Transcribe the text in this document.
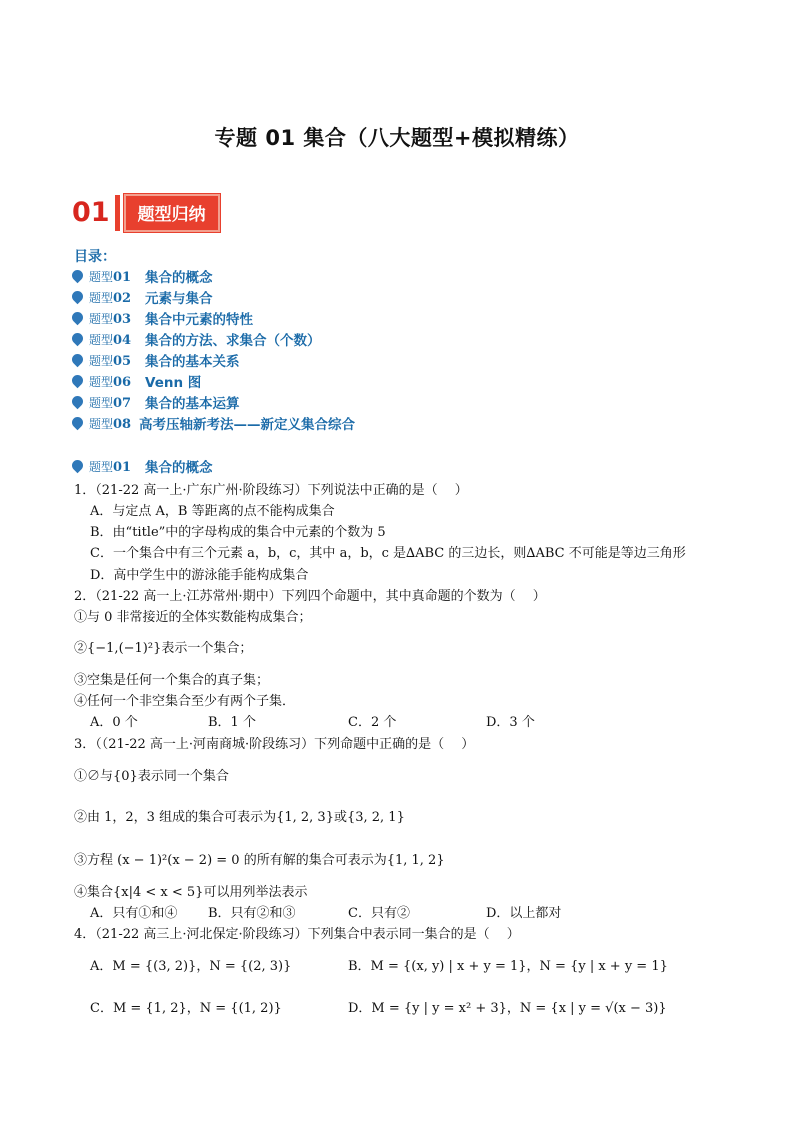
专题 01 集合（八大题型+模拟精练）
01	题型归纳
目录：
题型01	集合的概念
题型02	元素与集合
题型03	集合中元素的特性
题型04	集合的方法、求集合（个数）
题型05	集合的基本关系
题型06	Venn 图
题型07	集合的基本运算
题型08 高考压轴新考法——新定义集合综合
题型01	集合的概念
1．（21-22 高一上·广东广州·阶段练习）下列说法中正确的是（　 ）
A．与定点 A，B 等距离的点不能构成集合
B．由“title”中的字母构成的集合中元素的个数为 5
C．一个集合中有三个元素 a，b，c，其中 a，b，c 是∆ABC 的三边长，则∆ABC 不可能是等边三角形
D．高中学生中的游泳能手能构成集合
2．（21-22 高一上·江苏常州·期中）下列四个命题中，其中真命题的个数为（　 ）
①与 0 非常接近的全体实数能构成集合；
②{−1,(−1)²}表示一个集合；
③空集是任何一个集合的真子集；
④任何一个非空集合至少有两个子集．
A．0 个	B．1 个	C．2 个	D．3 个
3．（（21-22 高一上·河南商城·阶段练习）下列命题中正确的是（　 ）
①∅与{0}表示同一个集合
②由 1，2，3 组成的集合可表示为{1, 2, 3}或{3, 2, 1}
③方程 (x − 1)²(x − 2) = 0 的所有解的集合可表示为{1, 1, 2}
④集合{x|4 < x < 5}可以用列举法表示
A．只有①和④ B．只有②和③	C．只有②	D．以上都对
4．（21-22 高三上·河北保定·阶段练习）下列集合中表示同一集合的是（　 ）
A．M = {(3, 2)}，N = {(2, 3)}	B．M = {(x, y) | x + y = 1}，N = {y | x + y = 1}
C．M = {1, 2}，N = {(1, 2)}	D．M = {y | y = x² + 3}，N = {x | y = √(x − 3)}
